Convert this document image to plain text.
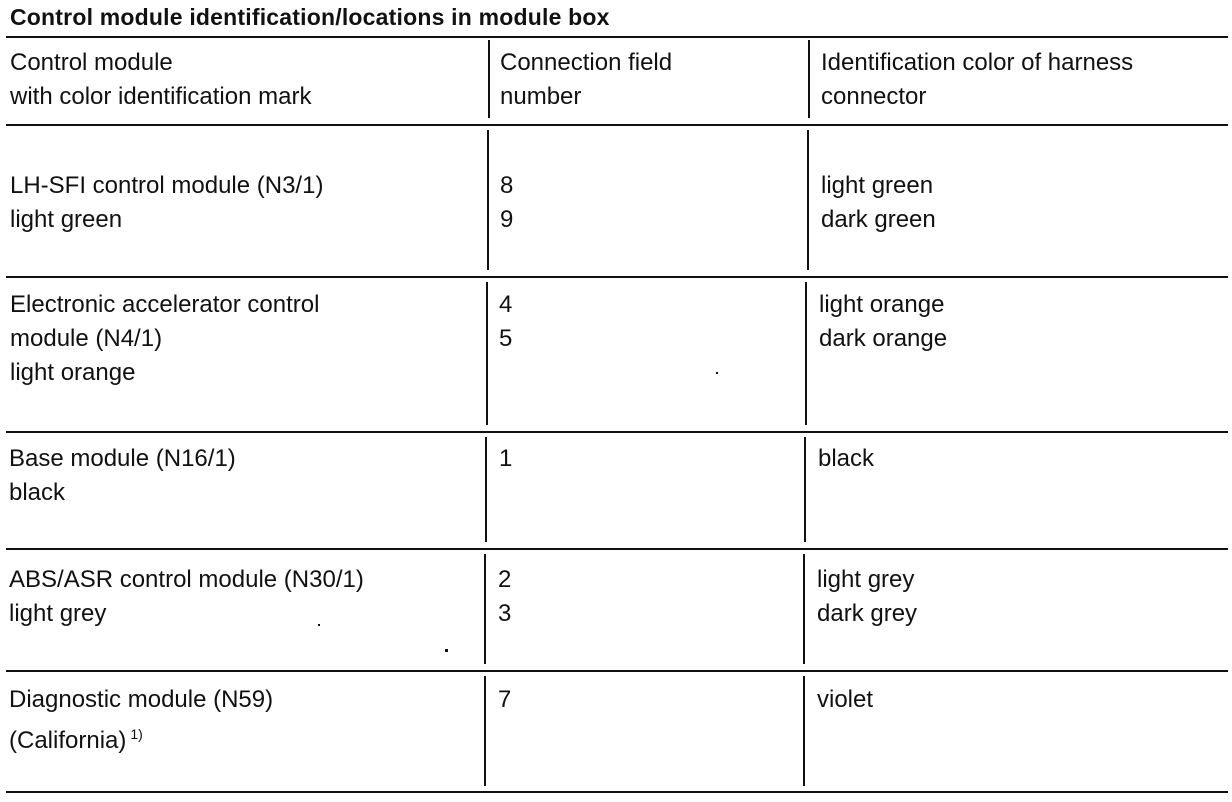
Control module identification/locations in module box
Control module
with color identification mark
Connection field
number
Identification color of harness
connector
LH-SFI control module (N3/1)
light green
8
9
light green
dark green
Electronic accelerator control
module (N4/1)
light orange
4
5
light orange
dark orange
Base module (N16/1)
black
1	black
ABS/ASR control module (N30/1)
light grey
2
3
light grey
dark grey
Diagnostic module (N59)
(California) $^{1)}$
7	violet
